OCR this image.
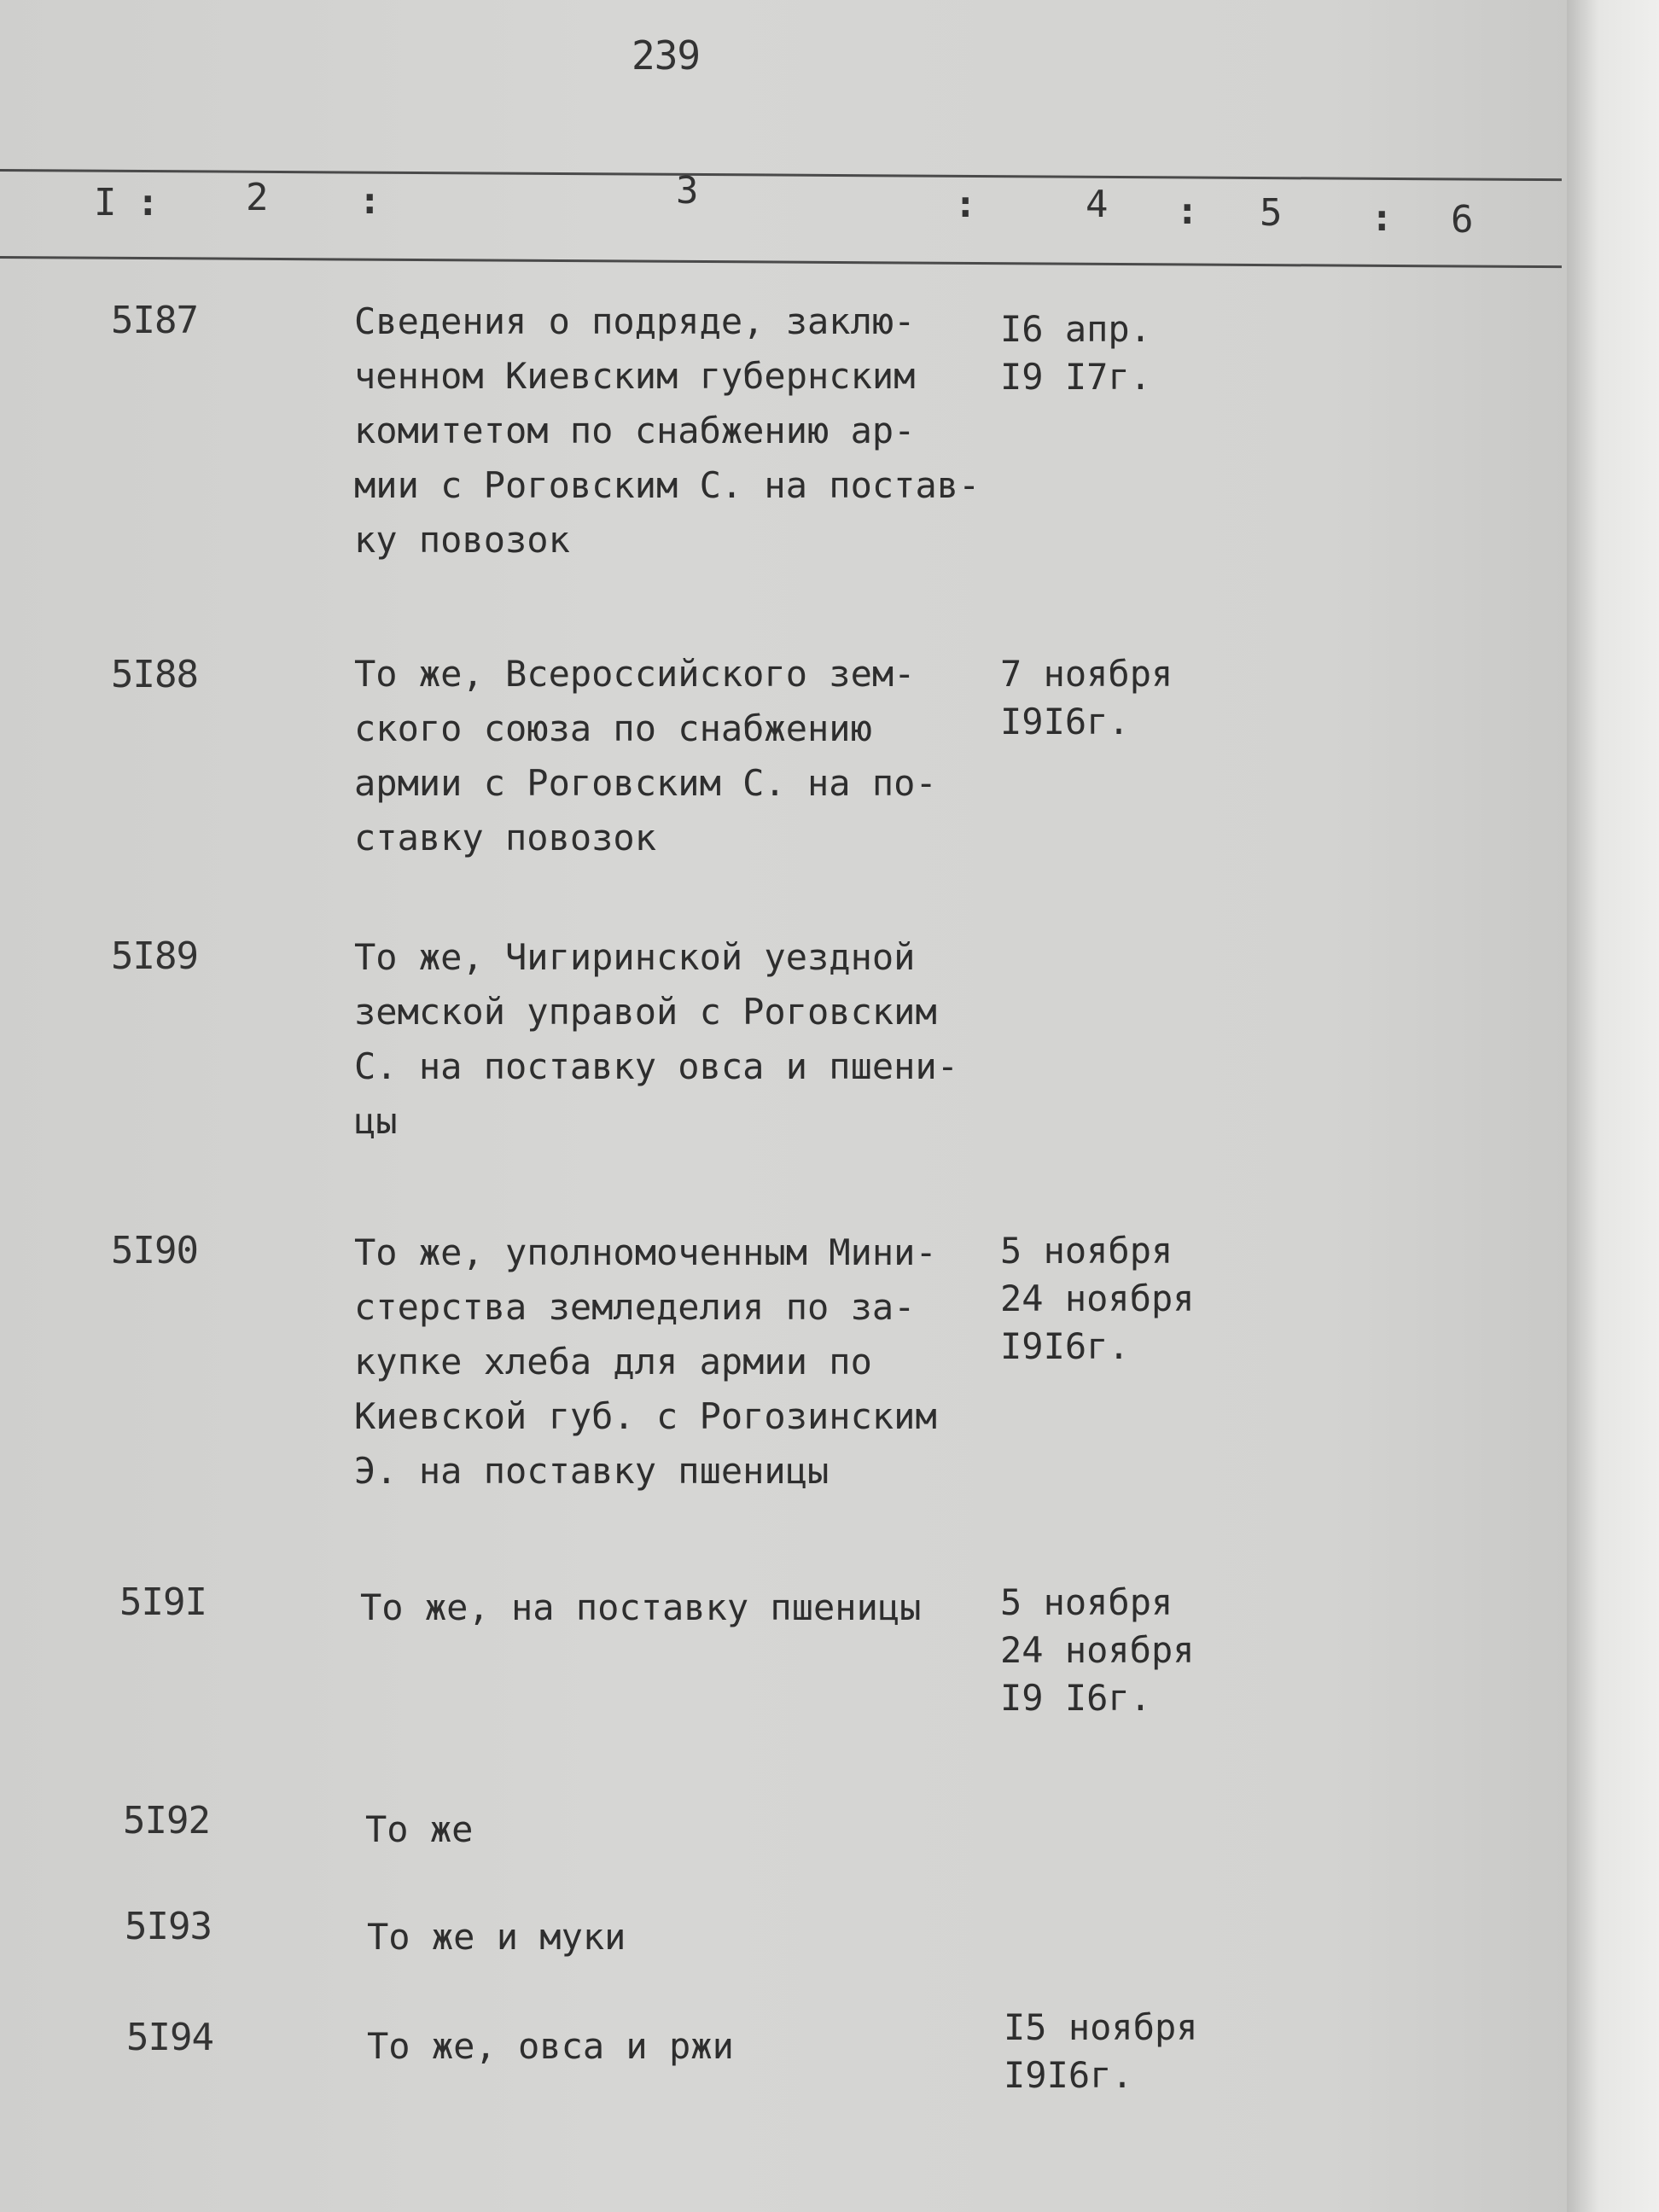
239
I : 2 :	3	:	4 : 5 : 6
5I87	Сведения о подряде, заклю-
ченном Киевским губернским
комитетом по снабжению ар-
мии с Роговским С. на постав-
ку повозок
I6 апр.
I9 I7г.
5I88	То же, Всероссийского зем-
ского союза по снабжению
армии с Роговским С. на по-
ставку повозок
7 ноября
I9I6г.
5I89	То же, Чигиринской уездной
земской управой с Роговским
С. на поставку овса и пшени-
цы
5I90	То же, уполномоченным Мини-
стерства земледелия по за-
купке хлеба для армии по
Киевской губ. с Рогозинским
Э. на поставку пшеницы
5 ноября
24 ноября
I9I6г.
5I9I	То же, на поставку пшеницы	5 ноября
24 ноября
I9 I6г.
5I92	То же
5I93	То же и муки
5I94	То же, овса и ржи	I5 ноября
I9I6г.
